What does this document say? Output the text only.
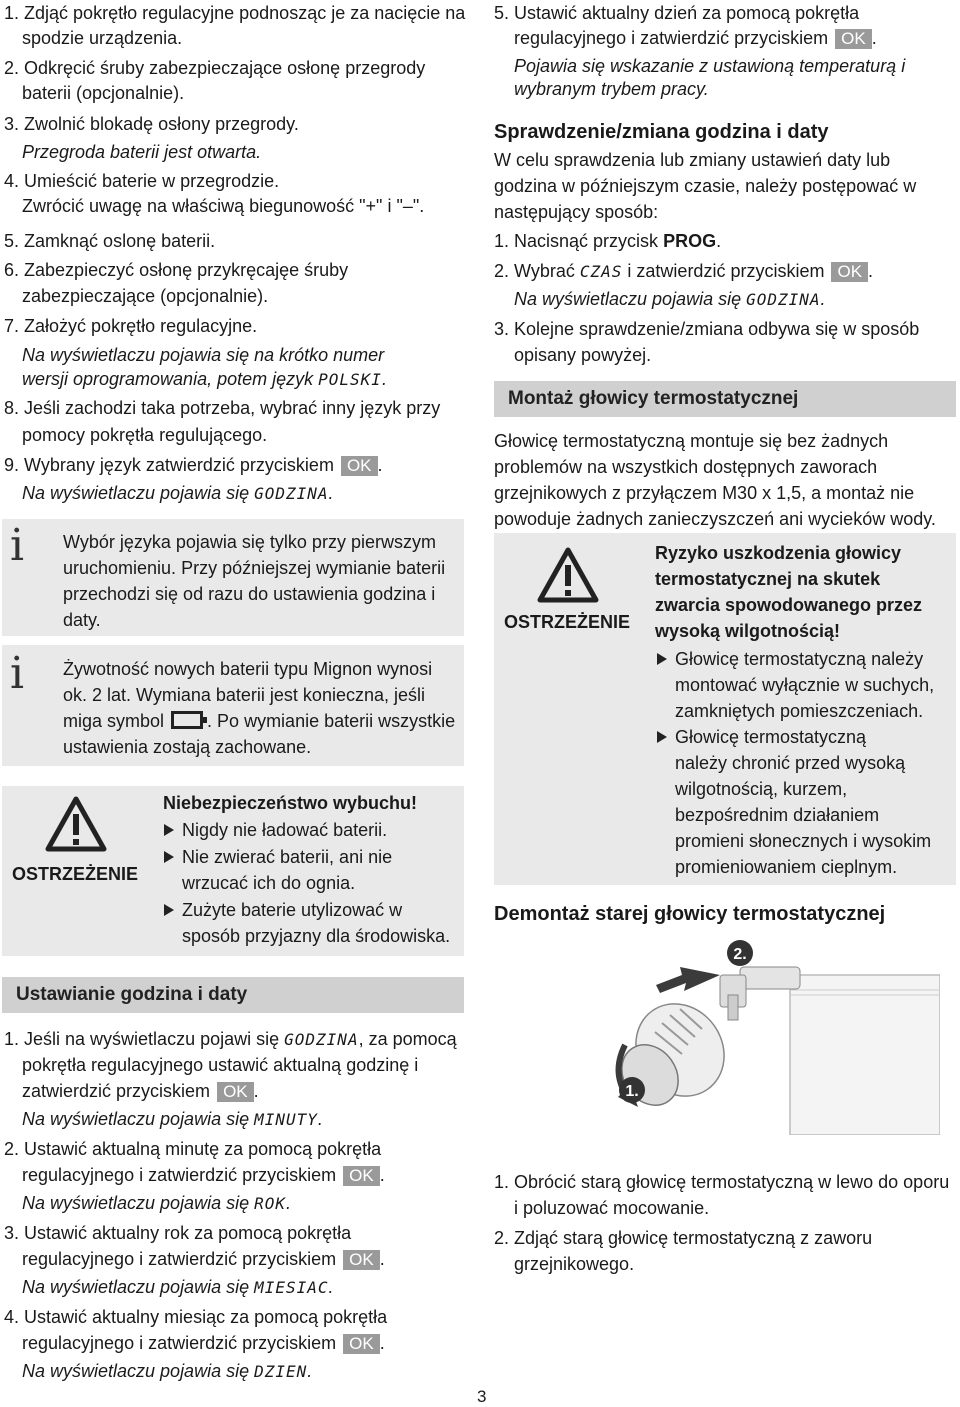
1. Zdjąć pokrętło regulacyjne podnosząc je za nacięcie na
spodzie urządzenia.
2. Odkręcić śruby zabezpieczające osłonę przegrody
baterii (opcjonalnie).
3. Zwolnić blokadę osłony przegrody.
Przegroda baterii jest otwarta.
4. Umieścić baterie w przegrodzie.
Zwrócić uwagę na właściwą biegunowość "+" i "–".
5. Zamknąć oslonę baterii.
6. Zabezpieczyć osłonę przykręcajęe śruby
zabezpieczające (opcjonalnie).
7. Założyć pokrętło regulacyjne.
Na wyświetlaczu pojawia się na krótko numer
wersji oprogramowania, potem język POLSKI.
8. Jeśli zachodzi taka potrzeba, wybrać inny język przy
pomocy pokrętła regulującego.
9. Wybrany język zatwierdzić przyciskiem OK .
Na wyświetlaczu pojawia się GODZINA.
i Wybór języka pojawia się tylko przy pierwszym
uruchomieniu. Przy późniejszej wymianie baterii
przechodzi się od razu do ustawienia godzina i
daty.
i Żywotność nowych baterii typu Mignon wynosi
ok. 2 lat. Wymiana baterii jest konieczna, jeśli
miga symbol . Po wymianie baterii wszystkie
ustawienia zostają zachowane.
OSTRZEŻENIE
Niebezpieczeństwo wybuchu!
Nigdy nie ładować baterii.
Nie zwierać baterii, ani nie
wrzucać ich do ognia.
Zużyte baterie utylizować w
sposób przyjazny dla środowiska.
Ustawianie godzina i daty
1. Jeśli na wyświetlaczu pojawi się GODZINA, za pomocą
pokrętła regulacyjnego ustawić aktualną godzinę i
zatwierdzić przyciskiem OK .
Na wyświetlaczu pojawia się MINUTY.
2. Ustawić aktualną minutę za pomocą pokrętła
regulacyjnego i zatwierdzić przyciskiem OK .
Na wyświetlaczu pojawia się ROK.
3. Ustawić aktualny rok za pomocą pokrętła
regulacyjnego i zatwierdzić przyciskiem OK .
Na wyświetlaczu pojawia się MIESIAC.
4. Ustawić aktualny miesiąc za pomocą pokrętła
regulacyjnego i zatwierdzić przyciskiem OK .
Na wyświetlaczu pojawia się DZIEN.
3
5. Ustawić aktualny dzień za pomocą pokrętła
regulacyjnego i zatwierdzić przyciskiem OK .
Pojawia się wskazanie z ustawioną temperaturą i
wybranym trybem pracy.
Sprawdzenie/zmiana godzina i daty
W celu sprawdzenia lub zmiany ustawień daty lub
godzina w późniejszym czasie, należy postępować w
następujący sposób:
1. Nacisnąć przycisk PROG.
2. Wybrać CZAS i zatwierdzić przyciskiem OK .
Na wyświetlaczu pojawia się GODZINA.
3. Kolejne sprawdzenie/zmiana odbywa się w sposób
opisany powyżej.
Montaż głowicy termostatycznej
Głowicę termostatyczną montuje się bez żadnych
problemów na wszystkich dostępnych zaworach
grzejnikowych z przyłączem M30 x 1,5, a montaż nie
powoduje żadnych zanieczyszczeń ani wycieków wody.
OSTRZEŻENIE
Ryzyko uszkodzenia głowicy
termostatycznej na skutek
zwarcia spowodowanego przez
wysoką wilgotnością!
Głowicę termostatyczną należy
montować wyłącznie w suchych,
zamkniętych pomieszczeniach.
Głowicę termostatyczną
należy chronić przed wysoką
wilgotnością, kurzem,
bezpośrednim działaniem
promieni słonecznych i wysokim
promieniowaniem cieplnym.
Demontaż starej głowicy termostatycznej
2.
1.
1. Obrócić starą głowicę termostatyczną w lewo do oporu
i poluzować mocowanie.
2. Zdjąć starą głowicę termostatyczną z zaworu
grzejnikowego.
